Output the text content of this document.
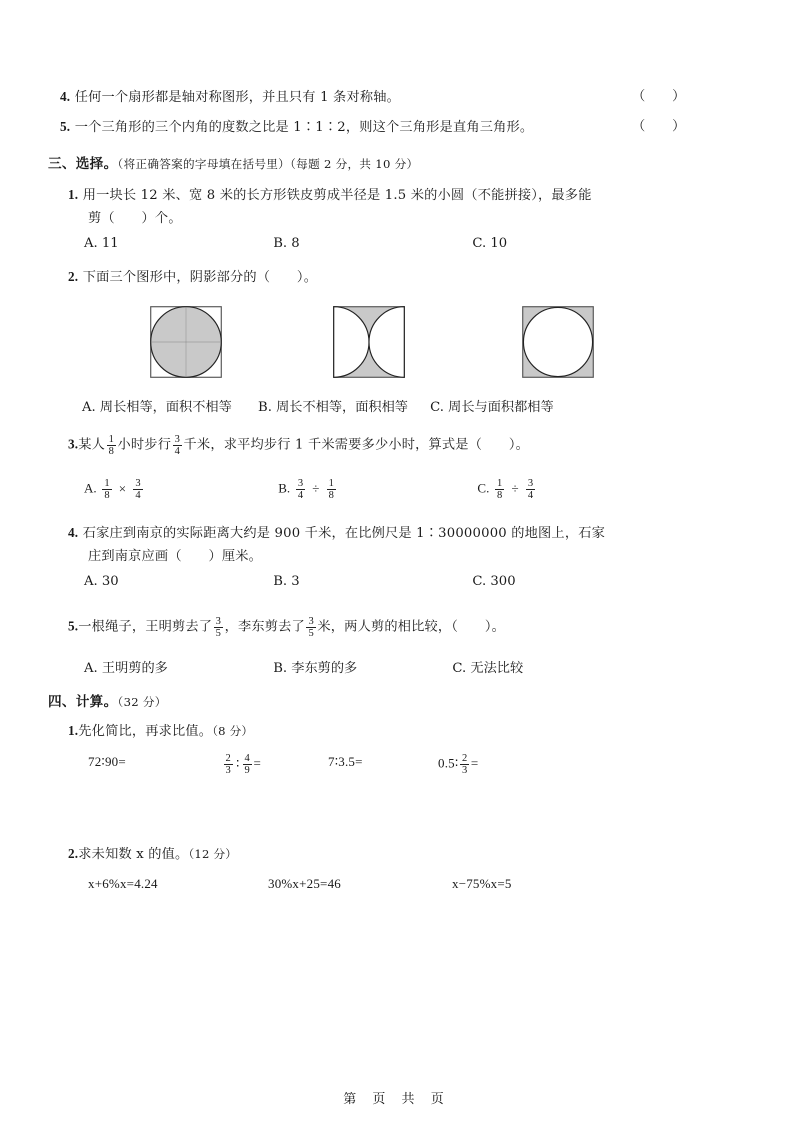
4. 任何一个扇形都是轴对称图形，并且只有 1 条对称轴。	（　　）
5. 一个三角形的三个内角的度数之比是 1∶1∶2，则这个三角形是直角三角形。	（　　）
三、选择。（将正确答案的字母填在括号里）（每题 2 分，共 10 分）
1. 用一块长 12 米、宽 8 米的长方形铁皮剪成半径是 1.5 米的小圆（不能拼接），最多能
剪（　　）个。
A. 11	B. 8	C. 10
2. 下面三个图形中，阴影部分的（　　）。
A. 周长相等，面积不相等 B. 周长不相等，面积相等 C. 周长与面积都相等
3.某人 $\frac{1}{8}$ 小时步行 $\frac{3}{4}$ 千米，求平均步行 1 千米需要多少小时，算式是（　　）。
A. $\frac{1}{8} \times \frac{3}{4}$	B. $\frac{3}{4} \div \frac{1}{8}$	C. $\frac{1}{8} \div \frac{3}{4}$
4. 石家庄到南京的实际距离大约是 900 千米，在比例尺是 1∶30000000 的地图上，石家
庄到南京应画（　　）厘米。
A. 30	B. 3	C. 300
5.一根绳子，王明剪去了 $\frac{3}{5}$ ，李东剪去了 $\frac{3}{5}$ 米，两人剪的相比较，（　　）。
A. 王明剪的多	B. 李东剪的多	C. 无法比较
四、计算。（32 分）
1.先化简比，再求比值。（8 分）
72∶90=	$\frac{2}{3}$ ∶ $\frac{4}{9}$ =	7∶3.5=	0.5∶ $\frac{2}{3}$ =
2.求未知数 x 的值。（12 分）
x+6%x=4.24	30%x+25=46	x−75%x=5
第 页 共 页
